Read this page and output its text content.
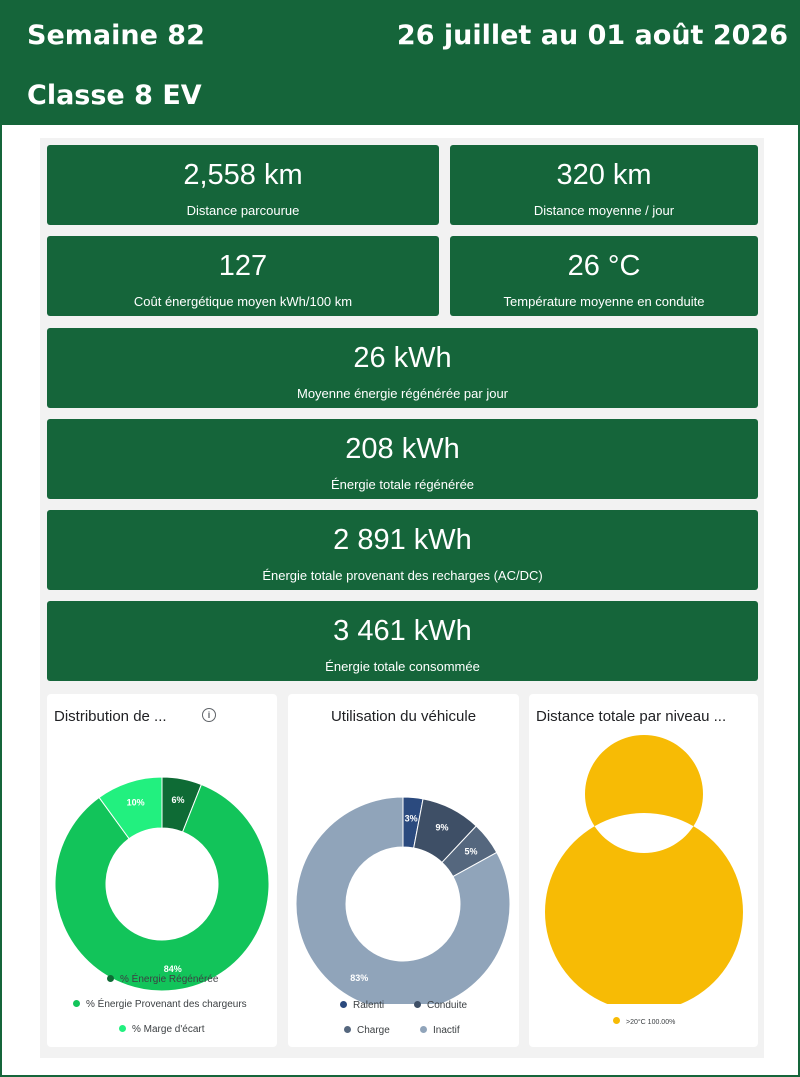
Semaine 82	26 juillet au 01 août 2026
Classe 8 EV
2,558 km
Distance parcourue
320 km
Distance moyenne / jour
127
Coût énergétique moyen kWh/100 km
26 °C
Température moyenne en conduite
26 kWh
Moyenne énergie régénérée par jour
208 kWh
Énergie totale régénérée
2 891 kWh
Énergie totale provenant des recharges (AC/DC)
3 461 kWh
Énergie totale consommée
Distribution de ...	i
6%
84%
10%
% Énergie Régénérée
% Énergie Provenant des chargeurs
% Marge d'écart
Utilisation du véhicule
3%
9%
5%
83%
Ralenti	Conduite
Charge	Inactif
Distance totale par niveau ...
>20°C 100.00%
